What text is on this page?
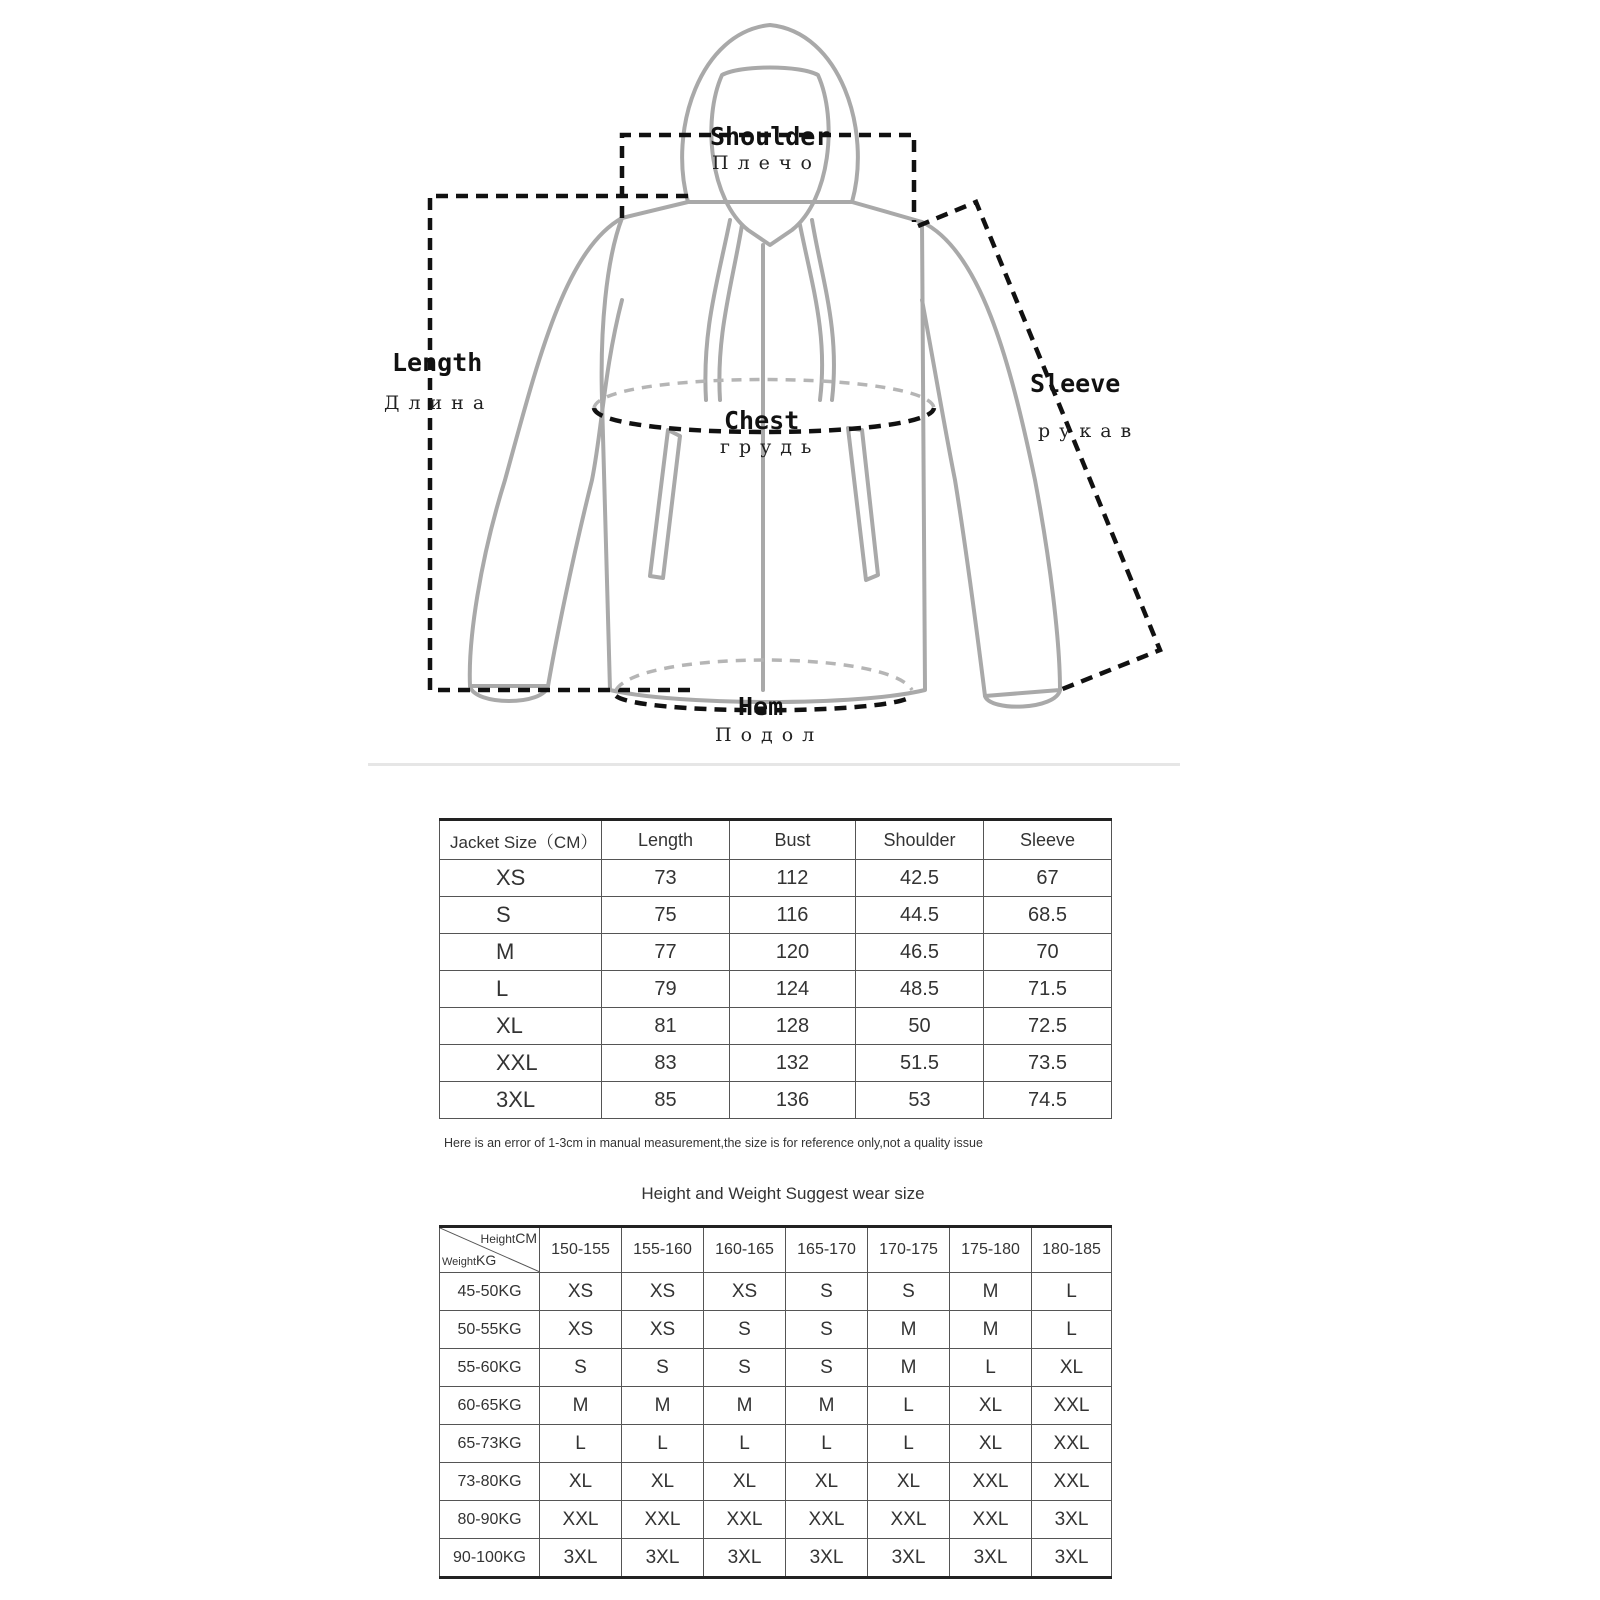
Shoulder
Плечо
Length
Длина
Sleeve
рукав
Chest
грудь
Hem
Подол
Jacket Size（CM）	Length	Bust	Shoulder	Sleeve
XS	73	112	42.5	67
S	75	116	44.5	68.5
M	77	120	46.5	70
L	79	124	48.5	71.5
XL	81	128	50	72.5
XXL	83	132	51.5	73.5
3XL	85	136	53	74.5
Here is an error of 1-3cm in manual measurement,the size is for reference only,not a quality issue
Height and Weight Suggest wear size
HeightCM
WeightKG	150-155	155-160	160-165	165-170	170-175	175-180	180-185
45-50KG	XS	XS	XS	S	S	M	L
50-55KG	XS	XS	S	S	M	M	L
55-60KG	S	S	S	S	M	L	XL
60-65KG	M	M	M	M	L	XL	XXL
65-73KG	L	L	L	L	L	XL	XXL
73-80KG	XL	XL	XL	XL	XL	XXL	XXL
80-90KG	XXL	XXL	XXL	XXL	XXL	XXL	3XL
90-100KG	3XL	3XL	3XL	3XL	3XL	3XL	3XL
